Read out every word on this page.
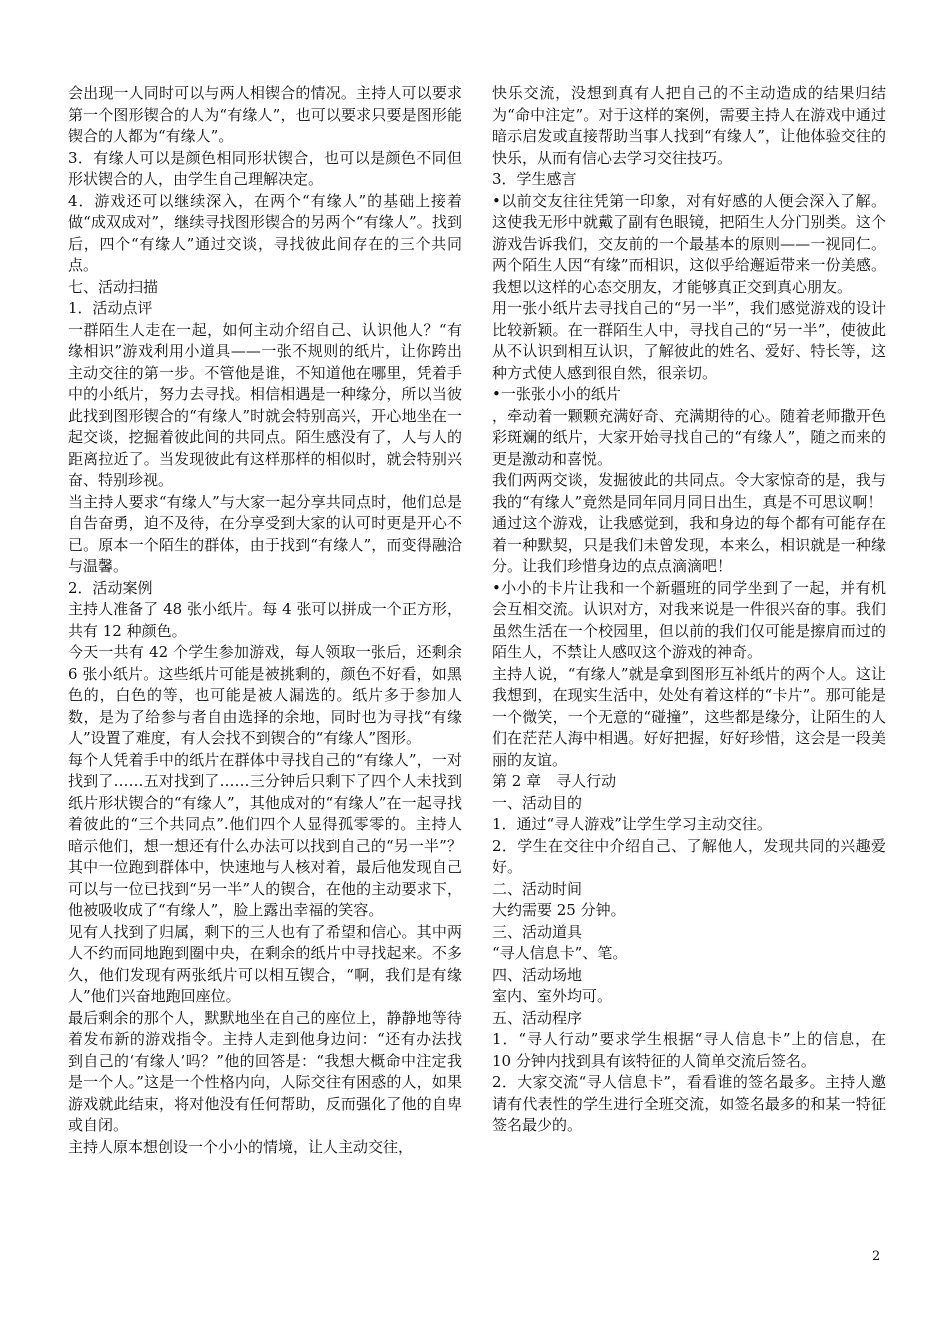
会出现一人同时可以与两人相锲合的情况。主持人可以要求第一个图形锲合的人为“有缘人”，也可以要求只要是图形能锲合的人都为“有缘人”。

3．有缘人可以是颜色相同形状锲合，也可以是颜色不同但形状锲合的人，由学生自己理解决定。

4．游戏还可以继续深入，在两个“有缘人”的基础上接着做“成双成对”，继续寻找图形锲合的另两个“有缘人”。找到后，四个“有缘人”通过交谈，寻找彼此间存在的三个共同点。

七、活动扫描

1．活动点评

一群陌生人走在一起，如何主动介绍自己、认识他人？“有缘相识”游戏利用小道具——一张不规则的纸片，让你跨出主动交往的第一步。不管他是谁，不知道他在哪里，凭着手中的小纸片，努力去寻找。相信相遇是一种缘分，所以当彼此找到图形锲合的“有缘人”时就会特别高兴，开心地坐在一起交谈，挖掘着彼此间的共同点。陌生感没有了，人与人的距离拉近了。当发现彼此有这样那样的相似时，就会特别兴奋、特别珍视。

当主持人要求“有缘人”与大家一起分享共同点时，他们总是自告奋勇，迫不及待，在分享受到大家的认可时更是开心不已。原本一个陌生的群体，由于找到“有缘人”，而变得融洽与温馨。

2．活动案例

主持人准备了 48 张小纸片。每 4 张可以拼成一个正方形，共有 12 种颜色。

今天一共有 42 个学生参加游戏，每人领取一张后，还剩余 6 张小纸片。这些纸片可能是被挑剩的，颜色不好看，如黑色的，白色的等，也可能是被人漏选的。纸片多于参加人数，是为了给参与者自由选择的余地，同时也为寻找“有缘人”设置了难度，有人会找不到锲合的“有缘人”图形。

每个人凭着手中的纸片在群体中寻找自己的“有缘人”，一对找到了……五对找到了……三分钟后只剩下了四个人未找到纸片形状锲合的“有缘人”，其他成对的“有缘人”在一起寻找着彼此的“三个共同点”.他们四个人显得孤零零的。主持人暗示他们，想一想还有什么办法可以找到自己的“另一半”？其中一位跑到群体中，快速地与人核对着，最后他发现自己可以与一位已找到“另一半”人的锲合，在他的主动要求下，他被吸收成了“有缘人”，脸上露出幸福的笑容。

见有人找到了归属，剩下的三人也有了希望和信心。其中两人不约而同地跑到圈中央，在剩余的纸片中寻找起来。不多久，他们发现有两张纸片可以相互锲合，“啊，我们是有缘人”他们兴奋地跑回座位。

最后剩余的那个人，默默地坐在自己的座位上，静静地等待着发布新的游戏指令。主持人走到他身边问：“还有办法找到自己的‘有缘人’吗？”他的回答是：“我想大概命中注定我是一个人。”这是一个性格内向，人际交往有困惑的人，如果游戏就此结束，将对他没有任何帮助，反而强化了他的自卑或自闭。

主持人原本想创设一个小小的情境，让人主动交往，

快乐交流，没想到真有人把自己的不主动造成的结果归结为“命中注定”。对于这样的案例，需要主持人在游戏中通过暗示启发或直接帮助当事人找到“有缘人”，让他体验交往的快乐，从而有信心去学习交往技巧。

3．学生感言

•以前交友往往凭第一印象，对有好感的人便会深入了解。这使我无形中就戴了副有色眼镜，把陌生人分门别类。这个游戏告诉我们，交友前的一个最基本的原则——一视同仁。两个陌生人因“有缘”而相识，这似乎给邂逅带来一份美感。我想以这样的心态交朋友，才能够真正交到真心朋友。

用一张小纸片去寻找自己的“另一半”，我们感觉游戏的设计比较新颖。在一群陌生人中，寻找自己的“另一半”，使彼此从不认识到相互认识，了解彼此的姓名、爱好、特长等，这种方式使人感到很自然，很亲切。

•一张张小小的纸片

，牵动着一颗颗充满好奇、充满期待的心。随着老师撒开色彩斑斓的纸片，大家开始寻找自己的“有缘人”，随之而来的更是激动和喜悦。

我们两两交谈，发掘彼此的共同点。令大家惊奇的是，我与我的“有缘人”竟然是同年同月同日出生，真是不可思议啊！

通过这个游戏，让我感觉到，我和身边的每个都有可能存在着一种默契，只是我们未曾发现，本来么，相识就是一种缘分。让我们珍惜身边的点点滴滴吧！

•小小的卡片让我和一个新疆班的同学坐到了一起，并有机会互相交流。认识对方，对我来说是一件很兴奋的事。我们虽然生活在一个校园里，但以前的我们仅可能是擦肩而过的陌生人，不禁让人感叹这个游戏的神奇。

主持人说，“有缘人”就是拿到图形互补纸片的两个人。这让我想到，在现实生活中，处处有着这样的“卡片”。那可能是一个微笑，一个无意的“碰撞”，这些都是缘分，让陌生的人们在茫茫人海中相遇。好好把握，好好珍惜，这会是一段美丽的友谊。

第 2 章　寻人行动

一、活动目的

1．通过“寻人游戏”让学生学习主动交往。

2．学生在交往中介绍自己、了解他人，发现共同的兴趣爱好。

二、活动时间

大约需要 25 分钟。

三、活动道具

“寻人信息卡”、笔。

四、活动场地

室内、室外均可。

五、活动程序

1．“寻人行动”要求学生根据“寻人信息卡”上的信息，在 10 分钟内找到具有该特征的人简单交流后签名。

2．大家交流“寻人信息卡”，看看谁的签名最多。主持人邀请有代表性的学生进行全班交流，如签名最多的和某一特征签名最少的。

2
